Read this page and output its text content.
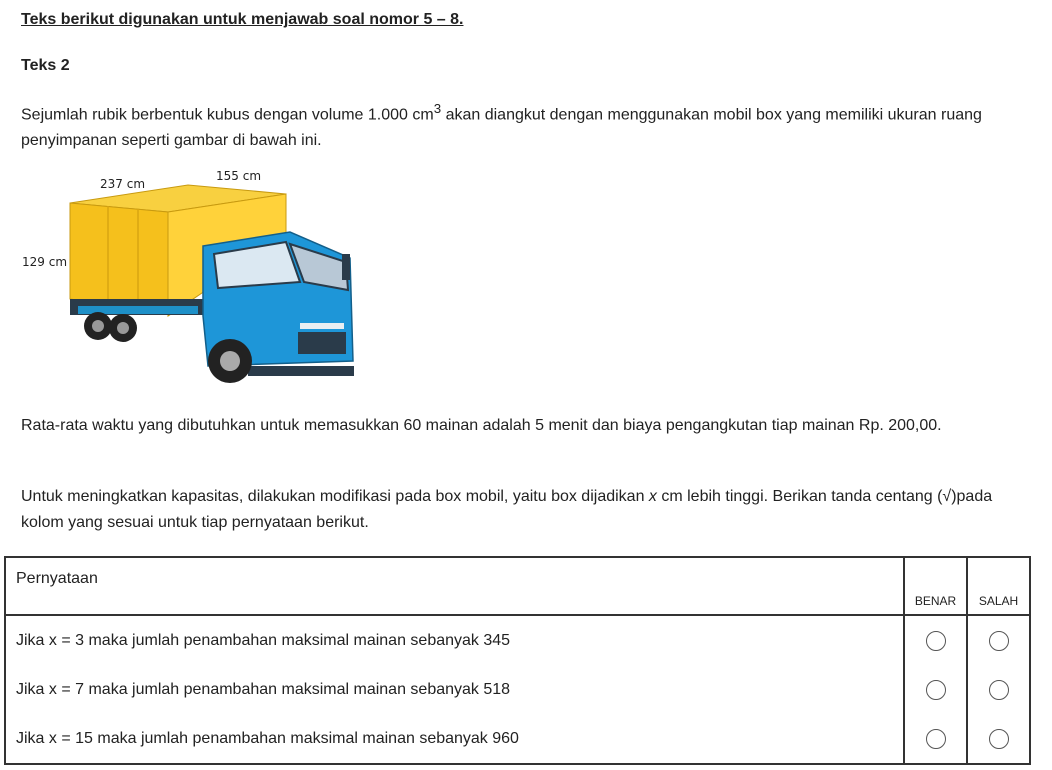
Teks berikut digunakan untuk menjawab soal nomor 5 – 8.
Teks 2
Sejumlah rubik berbentuk kubus dengan volume 1.000 $cm^3$ akan diangkut dengan menggunakan mobil box yang memiliki ukuran ruang penyimpanan seperti gambar di bawah ini.
237 cm
155 cm
129 cm
Rata-rata waktu yang dibutuhkan untuk memasukkan 60 mainan adalah 5 menit dan biaya pengangkutan tiap mainan Rp. 200,00.
Untuk meningkatkan kapasitas, dilakukan modifikasi pada box mobil, yaitu box dijadikan x cm lebih tinggi. Berikan tanda centang (√)pada kolom yang sesuai untuk tiap pernyataan berikut.
Pernyataan	BENAR	SALAH
Jika x = 3 maka jumlah penambahan maksimal mainan sebanyak 345	

Jika x = 7 maka jumlah penambahan maksimal mainan sebanyak 518	

Jika x = 15 maka jumlah penambahan maksimal mainan sebanyak 960	
